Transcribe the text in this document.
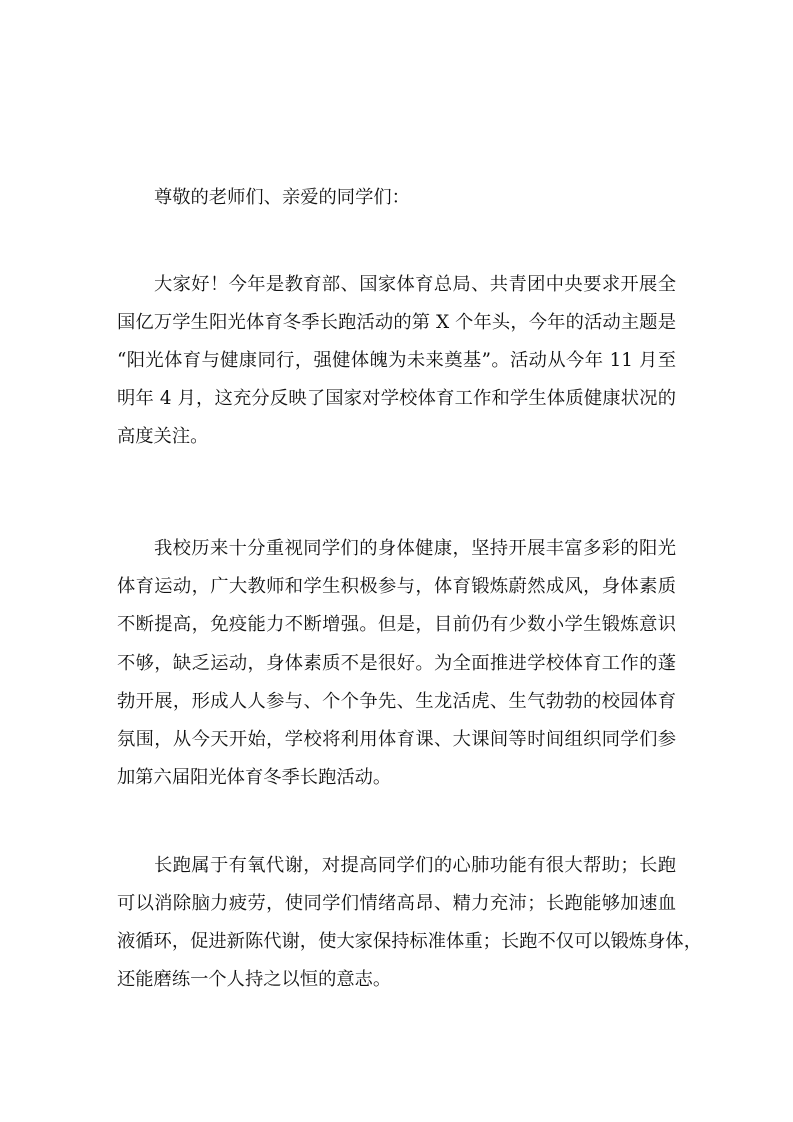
尊敬的老师们、亲爱的同学们：
大家好！今年是教育部、国家体育总局、共青团中央要求开展全
国亿万学生阳光体育冬季长跑活动的第 X 个年头，今年的活动主题是
“阳光体育与健康同行，强健体魄为未来奠基”。活动从今年 11 月至
明年 4 月，这充分反映了国家对学校体育工作和学生体质健康状况的
高度关注。
我校历来十分重视同学们的身体健康，坚持开展丰富多彩的阳光
体育运动，广大教师和学生积极参与，体育锻炼蔚然成风，身体素质
不断提高，免疫能力不断增强。但是，目前仍有少数小学生锻炼意识
不够，缺乏运动，身体素质不是很好。为全面推进学校体育工作的蓬
勃开展，形成人人参与、个个争先、生龙活虎、生气勃勃的校园体育
氛围，从今天开始，学校将利用体育课、大课间等时间组织同学们参
加第六届阳光体育冬季长跑活动。
长跑属于有氧代谢，对提高同学们的心肺功能有很大帮助；长跑
可以消除脑力疲劳，使同学们情绪高昂、精力充沛；长跑能够加速血
液循环，促进新陈代谢，使大家保持标准体重；长跑不仅可以锻炼身体，
还能磨练一个人持之以恒的意志。
